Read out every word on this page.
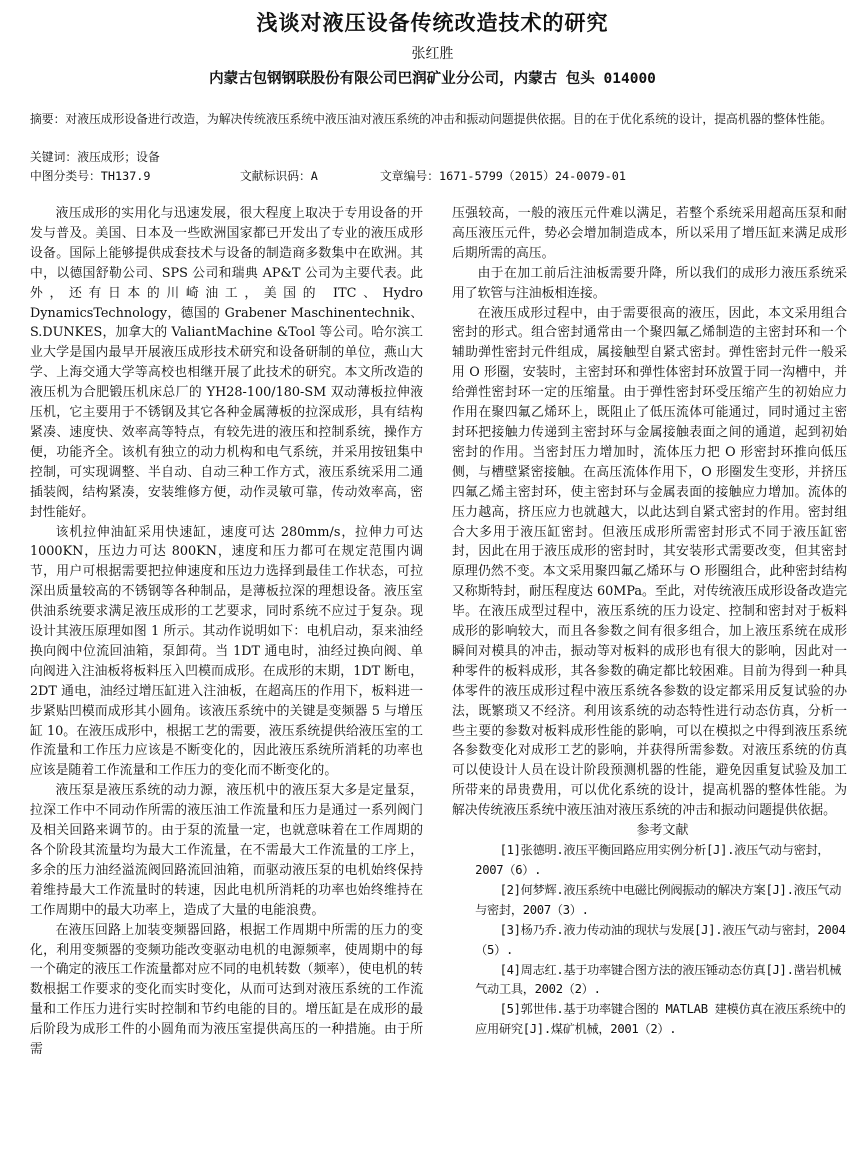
浅谈对液压设备传统改造技术的研究
张红胜
内蒙古包钢钢联股份有限公司巴润矿业分公司，内蒙古 包头 014000
摘要：对液压成形设备进行改造，为解决传统液压系统中液压油对液压系统的冲击和振动问题提供依据。目的在于优化系统的设计，提高机器的整体性能。
关键词：液压成形；设备
中图分类号：TH137.9	文献标识码：A	文章编号：1671-5799（2015）24-0079-01

液压成形的实用化与迅速发展，很大程度上取决于专用设备的开发与普及。美国、日本及一些欧洲国家都已开发出了专业的液压成形设备。国际上能够提供成套技术与设备的制造商多数集中在欧洲。其中，以德国舒勒公司、SPS 公司和瑞典 AP&T 公司为主要代表。此外，还有日本的川崎油工，美国的 ITC、Hydro DynamicsTechnology，德国的 Grabener Maschinentechnik、S.DUNKES，加拿大的 ValiantMachine &Tool 等公司。哈尔滨工业大学是国内最早开展液压成形技术研究和设备研制的单位，燕山大学、上海交通大学等高校也相继开展了此技术的研究。本文所改造的液压机为合肥锻压机床总厂的 YH28-100/180-SM 双动薄板拉伸液压机，它主要用于不锈钢及其它各种金属薄板的拉深成形，具有结构紧凑、速度快、效率高等特点，有较先进的液压和控制系统，操作方便，功能齐全。该机有独立的动力机构和电气系统，并采用按钮集中控制，可实现调整、半自动、自动三种工作方式，液压系统采用二通插装阀，结构紧凑，安装维修方便，动作灵敏可靠，传动效率高，密封性能好。

该机拉伸油缸采用快速缸，速度可达 280mm/s，拉伸力可达 1000KN，压边力可达 800KN，速度和压力都可在规定范围内调节，用户可根据需要把拉伸速度和压边力选择到最佳工作状态，可拉深出质量较高的不锈钢等各种制品，是薄板拉深的理想设备。液压室供油系统要求满足液压成形的工艺要求，同时系统不应过于复杂。现设计其液压原理如图 1 所示。其动作说明如下：电机启动，泵来油经换向阀中位流回油箱，泵卸荷。当 1DT 通电时，油经过换向阀、单向阀进入注油板将板料压入凹模而成形。在成形的末期，1DT 断电，2DT 通电，油经过增压缸进入注油板，在超高压的作用下，板料进一步紧贴凹模而成形其小圆角。该液压系统中的关键是变频器 5 与增压缸 10。在液压成形中，根据工艺的需要，液压系统提供给液压室的工作流量和工作压力应该是不断变化的，因此液压系统所消耗的功率也应该是随着工作流量和工作压力的变化而不断变化的。

液压泵是液压系统的动力源，液压机中的液压泵大多是定量泵，拉深工作中不同动作所需的液压油工作流量和压力是通过一系列阀门及相关回路来调节的。由于泵的流量一定，也就意味着在工作周期的各个阶段其流量均为最大工作流量，在不需最大工作流量的工序上，多余的压力油经溢流阀回路流回油箱，而驱动液压泵的电机始终保持着维持最大工作流量时的转速，因此电机所消耗的功率也始终维持在工作周期中的最大功率上，造成了大量的电能浪费。

在液压回路上加装变频器回路，根据工作周期中所需的压力的变化，利用变频器的变频功能改变驱动电机的电源频率，使周期中的每一个确定的液压工作流量都对应不同的电机转数（频率），使电机的转数根据工作要求的变化而实时变化，从而可达到对液压系统的工作流量和工作压力进行实时控制和节约电能的目的。增压缸是在成形的最后阶段为成形工件的小圆角而为液压室提供高压的一种措施。由于所需

压强较高，一般的液压元件难以满足，若整个系统采用超高压泵和耐高压液压元件，势必会增加制造成本，所以采用了增压缸来满足成形后期所需的高压。

由于在加工前后注油板需要升降，所以我们的成形力液压系统采用了软管与注油板相连接。

在液压成形过程中，由于需要很高的液压，因此，本文采用组合密封的形式。组合密封通常由一个聚四氟乙烯制造的主密封环和一个辅助弹性密封元件组成，属接触型自紧式密封。弹性密封元件一般采用 O 形圈，安装时，主密封环和弹性体密封环放置于同一沟槽中，并给弹性密封环一定的压缩量。由于弹性密封环受压缩产生的初始应力作用在聚四氟乙烯环上，既阻止了低压流体可能通过，同时通过主密封环把接触力传递到主密封环与金属接触表面之间的通道，起到初始密封的作用。当密封压力增加时，流体压力把 O 形密封环推向低压侧，与槽壁紧密接触。在高压流体作用下，O 形圈发生变形，并挤压四氟乙烯主密封环，使主密封环与金属表面的接触应力增加。流体的压力越高，挤压应力也就越大，以此达到自紧式密封的作用。密封组合大多用于液压缸密封。但液压成形所需密封形式不同于液压缸密封，因此在用于液压成形的密封时，其安装形式需要改变，但其密封原理仍然不变。本文采用聚四氟乙烯环与 O 形圈组合，此种密封结构又称斯特封，耐压程度达 60MPa。至此，对传统液压成形设备改造完毕。在液压成型过程中，液压系统的压力设定、控制和密封对于板料成形的影响较大，而且各参数之间有很多组合，加上液压系统在成形瞬间对模具的冲击，振动等对板料的成形也有很大的影响，因此对一种零件的板料成形，其各参数的确定都比较困难。目前为得到一种具体零件的液压成形过程中液压系统各参数的设定都采用反复试验的办法，既繁琐又不经济。利用该系统的动态特性进行动态仿真，分析一些主要的参数对板料成形性能的影响，可以在模拟之中得到液压系统各参数变化对成形工艺的影响，并获得所需参数。对液压系统的仿真可以使设计人员在设计阶段预测机器的性能，避免因重复试验及加工所带来的昂贵费用，可以优化系统的设计，提高机器的整体性能。为解决传统液压系统中液压油对液压系统的冲击和振动问题提供依据。

参考文献

[1]张德明.液压平衡回路应用实例分析[J].液压气动与密封，2007（6）.

[2]何梦辉.液压系统中电磁比例阀振动的解决方案[J].液压气动与密封，2007（3）.

[3]杨乃乔.液力传动油的现状与发展[J].液压气动与密封，2004（5）.

[4]周志红.基于功率键合图方法的液压锤动态仿真[J].凿岩机械气动工具，2002（2）.

[5]郭世伟.基于功率键合图的 MATLAB 建模仿真在液压系统中的应用研究[J].煤矿机械，2001（2）.
